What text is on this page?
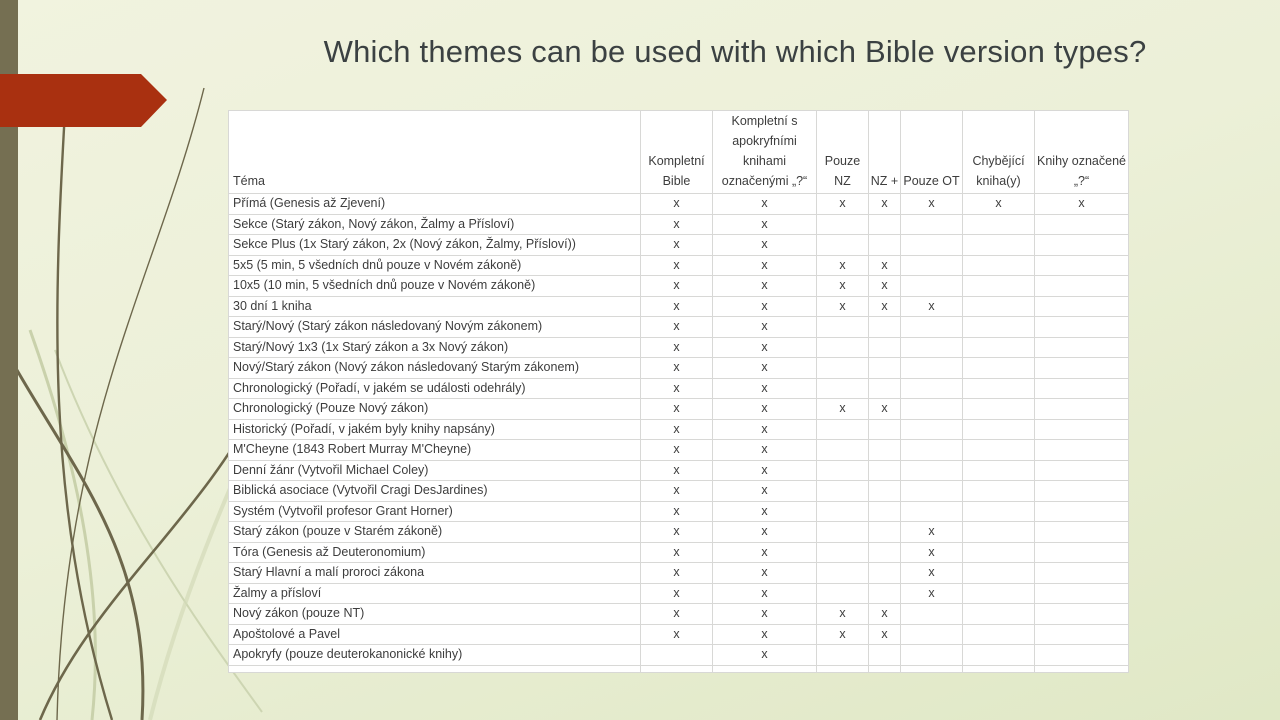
Which themes can be used with which Bible version types?
Téma	Kompletní Bible	Kompletní s apokryfními knihami označenými „?“	Pouze NZ	NZ +	Pouze OT	Chybějící kniha(y)	Knihy označené „?“
Přímá (Genesis až Zjevení)	x	x	x	x	x	x	x
Sekce (Starý zákon, Nový zákon, Žalmy a Přísloví)	x	x					
Sekce Plus (1x Starý zákon, 2x (Nový zákon, Žalmy, Přísloví))	x	x					
5x5 (5 min, 5 všedních dnů pouze v Novém zákoně)	x	x	x	x			
10x5 (10 min, 5 všedních dnů pouze v Novém zákoně)	x	x	x	x			
30 dní 1 kniha	x	x	x	x	x		
Starý/Nový (Starý zákon následovaný Novým zákonem)	x	x					
Starý/Nový 1x3 (1x Starý zákon a 3x Nový zákon)	x	x					
Nový/Starý zákon (Nový zákon následovaný Starým zákonem)	x	x					
Chronologický (Pořadí, v jakém se události odehrály)	x	x					
Chronologický (Pouze Nový zákon)	x	x	x	x			
Historický (Pořadí, v jakém byly knihy napsány)	x	x					
M'Cheyne (1843 Robert Murray M'Cheyne)	x	x					
Denní žánr (Vytvořil Michael Coley)	x	x					
Biblická asociace (Vytvořil Cragi DesJardines)	x	x					
Systém (Vytvořil profesor Grant Horner)	x	x					
Starý zákon (pouze v Starém zákoně)	x	x			x		
Tóra (Genesis až Deuteronomium)	x	x			x		
Starý Hlavní a malí proroci zákona	x	x			x		
Žalmy a přísloví	x	x			x		
Nový zákon (pouze NT)	x	x	x	x			
Apoštolové a Pavel	x	x	x	x			
Apokryfy (pouze deuterokanonické knihy)		x					
